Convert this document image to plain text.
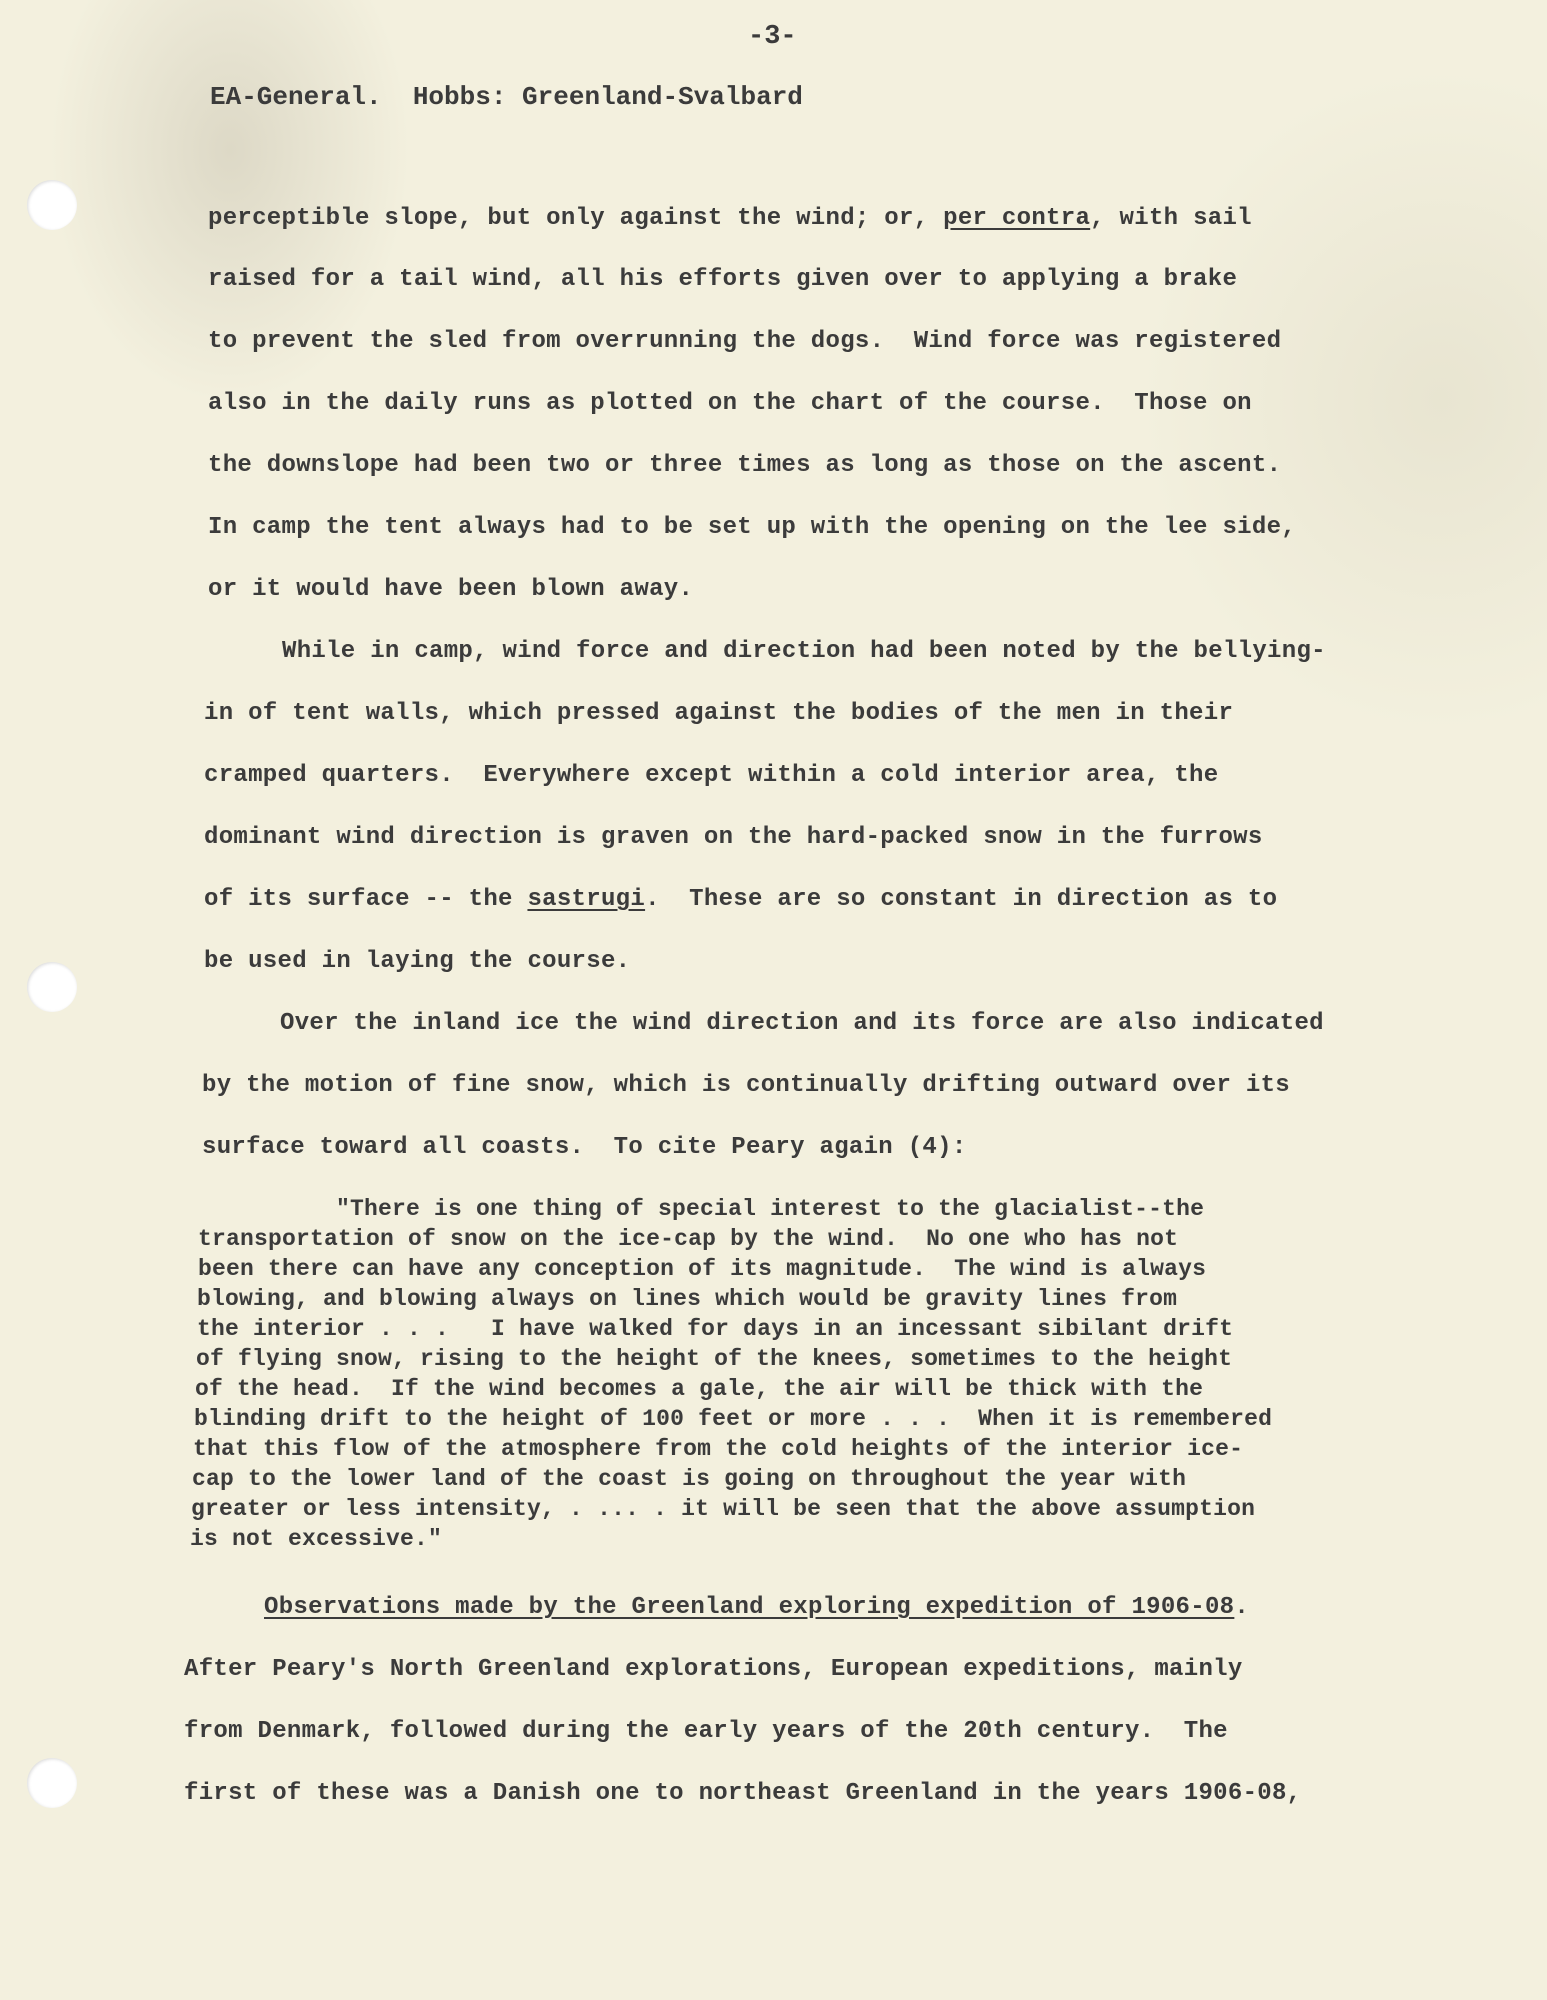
-3-
EA-General.  Hobbs: Greenland-Svalbard
perceptible slope, but only against the wind; or, per contra, with sail
raised for a tail wind, all his efforts given over to applying a brake
to prevent the sled from overrunning the dogs.  Wind force was registered
also in the daily runs as plotted on the chart of the course.  Those on
the downslope had been two or three times as long as those on the ascent.
In camp the tent always had to be set up with the opening on the lee side,
or it would have been blown away.
While in camp, wind force and direction had been noted by the bellying-
in of tent walls, which pressed against the bodies of the men in their
cramped quarters.  Everywhere except within a cold interior area, the
dominant wind direction is graven on the hard-packed snow in the furrows
of its surface -- the sastrugi.  These are so constant in direction as to
be used in laying the course.
Over the inland ice the wind direction and its force are also indicated
by the motion of fine snow, which is continually drifting outward over its
surface toward all coasts.  To cite Peary again (4):
"There is one thing of special interest to the glacialist--the
transportation of snow on the ice-cap by the wind.  No one who has not
been there can have any conception of its magnitude.  The wind is always
blowing, and blowing always on lines which would be gravity lines from
the interior . . .   I have walked for days in an incessant sibilant drift
of flying snow, rising to the height of the knees, sometimes to the height
of the head.  If the wind becomes a gale, the air will be thick with the
blinding drift to the height of 100 feet or more . . .  When it is remembered
that this flow of the atmosphere from the cold heights of the interior ice-
cap to the lower land of the coast is going on throughout the year with
greater or less intensity, . ... . it will be seen that the above assumption
is not excessive."
Observations made by the Greenland exploring expedition of 1906-08.
After Peary's North Greenland explorations, European expeditions, mainly
from Denmark, followed during the early years of the 20th century.  The
first of these was a Danish one to northeast Greenland in the years 1906-08,
